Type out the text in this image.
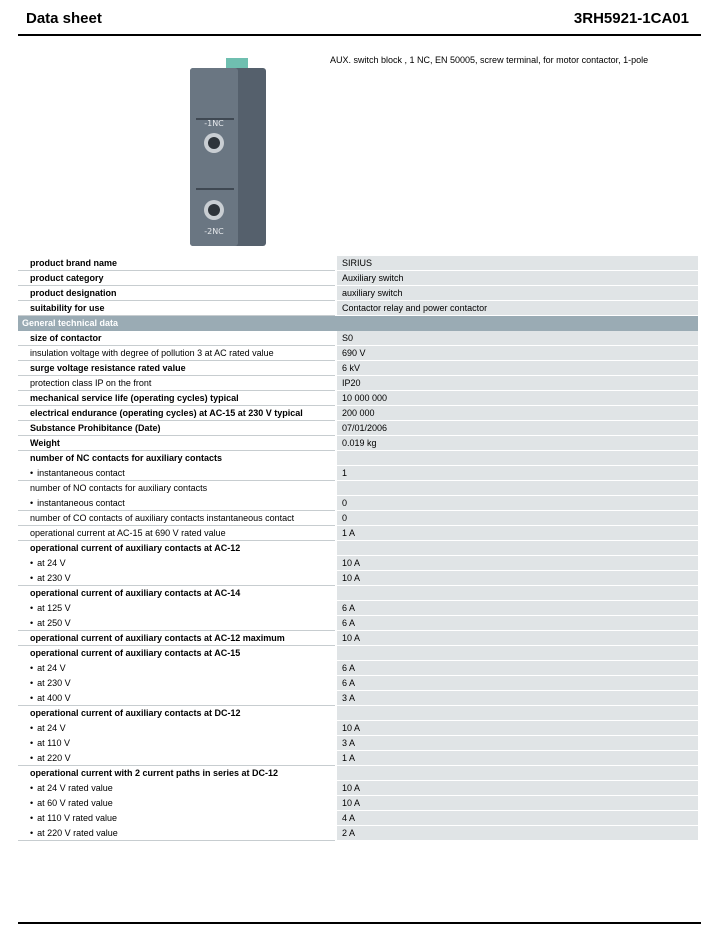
Data sheet	3RH5921-1CA01
-1NC
-2NC
AUX. switch block , 1 NC, EN 50005, screw terminal, for motor contactor, 1-pole
product brand name	SIRIUS
product category	Auxiliary switch
product designation	auxiliary switch
suitability for use	Contactor relay and power contactor
General technical data	
size of contactor	S0
insulation voltage with degree of pollution 3 at AC rated value	690 V
surge voltage resistance rated value	6 kV
protection class IP on the front	IP20
mechanical service life (operating cycles) typical	10 000 000
electrical endurance (operating cycles) at AC-15 at 230 V typical	200 000
Substance Prohibitance (Date)	07/01/2006
Weight	0.019 kg
number of NC contacts for auxiliary contacts	
• instantaneous contact	1
number of NO contacts for auxiliary contacts	
• instantaneous contact	0
number of CO contacts of auxiliary contacts instantaneous contact	0
operational current at AC-15 at 690 V rated value	1 A
operational current of auxiliary contacts at AC-12	
• at 24 V	10 A
• at 230 V	10 A
operational current of auxiliary contacts at AC-14	
• at 125 V	6 A
• at 250 V	6 A
operational current of auxiliary contacts at AC-12 maximum	10 A
operational current of auxiliary contacts at AC-15	
• at 24 V	6 A
• at 230 V	6 A
• at 400 V	3 A
operational current of auxiliary contacts at DC-12	
• at 24 V	10 A
• at 110 V	3 A
• at 220 V	1 A
operational current with 2 current paths in series at DC-12	
• at 24 V rated value	10 A
• at 60 V rated value	10 A
• at 110 V rated value	4 A
• at 220 V rated value	2 A
